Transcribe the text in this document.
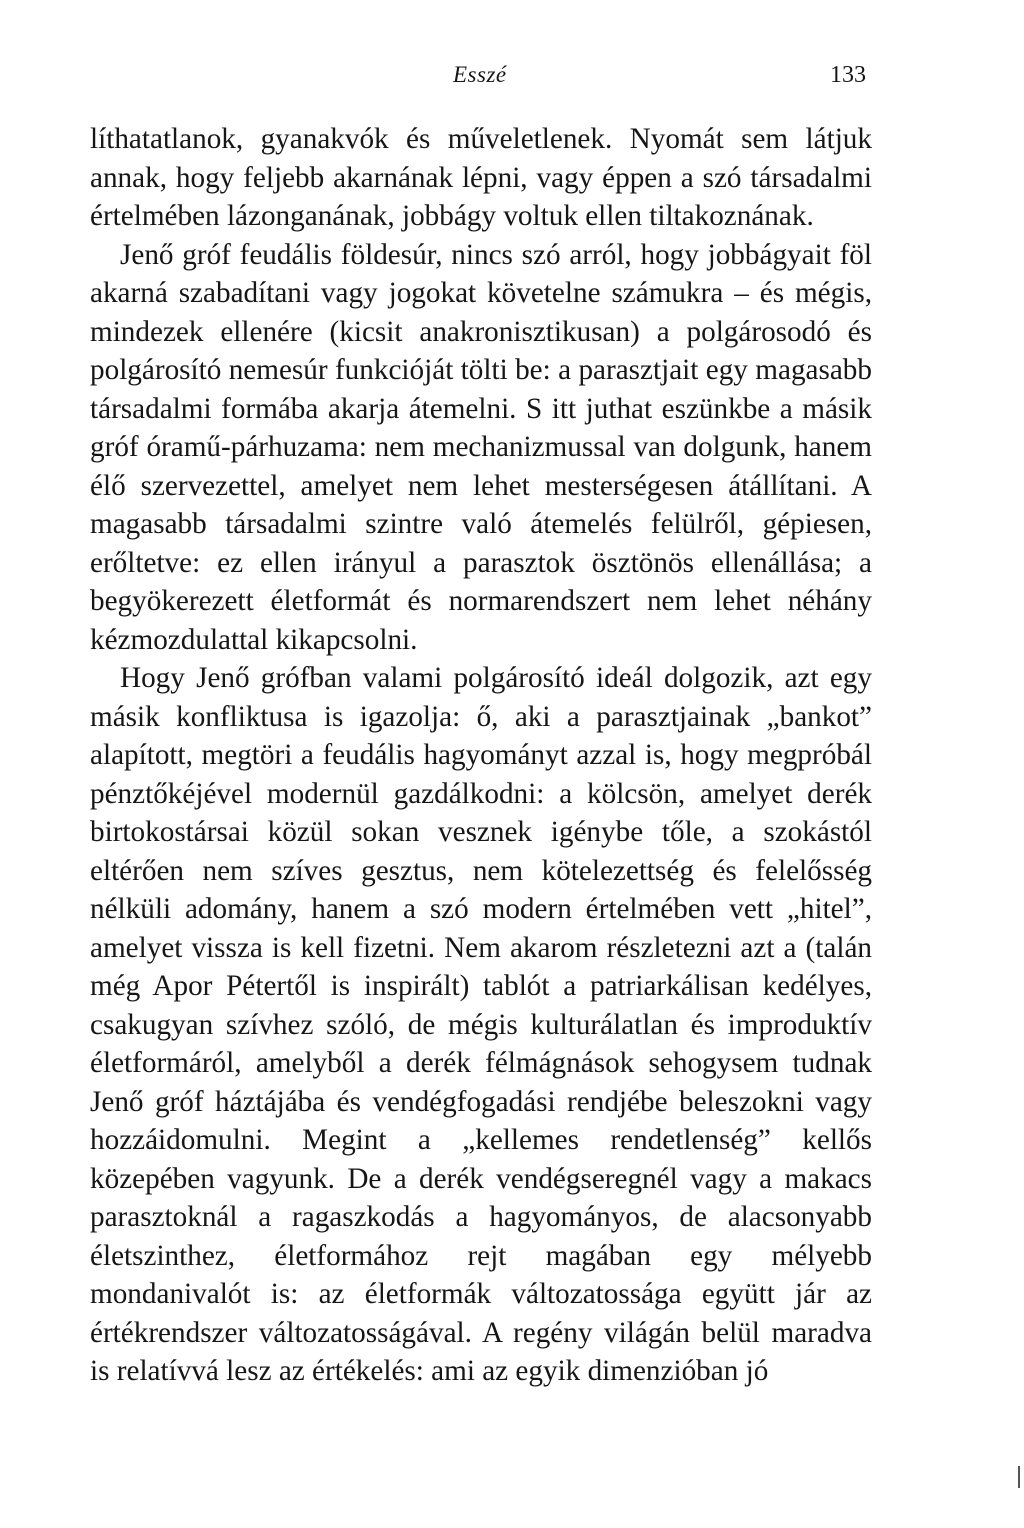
Esszé	133

líthatatlanok, gyanakvók és műveletlenek. Nyomát sem látjuk annak, hogy feljebb akarnának lépni, vagy éppen a szó társadalmi értelmében lázonganának, jobbágy voltuk ellen tiltakoznának.

Jenő gróf feudális földesúr, nincs szó arról, hogy jobbágyait föl akarná szabadítani vagy jogokat követelne számukra – és mégis, mindezek ellenére (kicsit anakronisztikusan) a polgárosodó és polgárosító nemesúr funkcióját tölti be: a parasztjait egy magasabb társadalmi formába akarja átemelni. S itt juthat eszünkbe a másik gróf óramű-párhuzama: nem mechanizmussal van dolgunk, hanem élő szervezettel, amelyet nem lehet mesterségesen átállítani. A magasabb társadalmi szintre való átemelés felülről, gépiesen, erőltetve: ez ellen irányul a parasztok ösztönös ellenállása; a begyökerezett életformát és normarendszert nem lehet néhány kézmozdulattal kikapcsolni.

Hogy Jenő grófban valami polgárosító ideál dolgozik, azt egy másik konfliktusa is igazolja: ő, aki a parasztjainak „bankot” alapított, megtöri a feudális hagyományt azzal is, hogy megpróbál pénztőkéjével modernül gazdálkodni: a kölcsön, amelyet derék birtokostársai közül sokan vesznek igénybe tőle, a szokástól eltérően nem szíves gesztus, nem kötelezettség és felelősség nélküli adomány, hanem a szó modern értelmében vett „hitel”, amelyet vissza is kell fizetni. Nem akarom részletezni azt a (talán még Apor Pétertől is inspirált) tablót a patriarkálisan kedélyes, csakugyan szívhez szóló, de mégis kulturálatlan és improduktív életformáról, amelyből a derék félmágnások sehogysem tudnak Jenő gróf háztájába és vendégfogadási rendjébe beleszokni vagy hozzáidomulni. Megint a „kellemes rendetlenség” kellős közepében vagyunk. De a derék vendégseregnél vagy a makacs parasztoknál a ragaszkodás a hagyományos, de alacsonyabb életszinthez, életformához rejt magában egy mélyebb mondanivalót is: az életformák változatossága együtt jár az értékrendszer változatosságával. A regény világán belül maradva is relatívvá lesz az értékelés: ami az egyik dimenzióban jó
